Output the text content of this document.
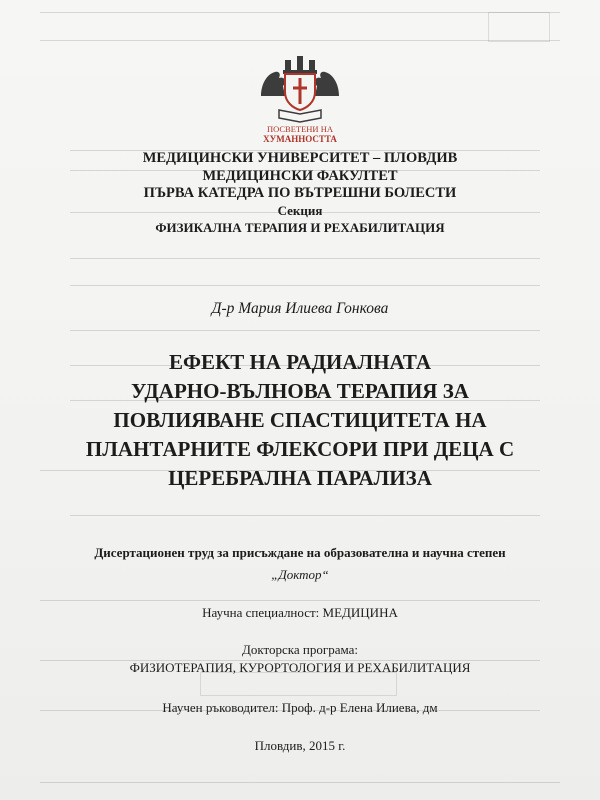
ПОСВЕТЕНИ НА
ХУМАННОСТТА
МЕДИЦИНСКИ УНИВЕРСИТЕТ – ПЛОВДИВ
МЕДИЦИНСКИ ФАКУЛТЕТ
ПЪРВА КАТЕДРА ПО ВЪТРЕШНИ БОЛЕСТИ
Секция
ФИЗИКАЛНА ТЕРАПИЯ И РЕХАБИЛИТАЦИЯ
Д-р Мария Илиева Гонкова
ЕФЕКТ НА РАДИАЛНАТА
УДАРНО-ВЪЛНОВА ТЕРАПИЯ ЗА
ПОВЛИЯВАНЕ СПАСТИЦИТЕТА НА
ПЛАНТАРНИТЕ ФЛЕКСОРИ ПРИ ДЕЦА С
ЦЕРЕБРАЛНА ПАРАЛИЗА
Дисертационен труд за присъждане на образователна и научна степен
„Доктор“
Научна специалност: МЕДИЦИНА
Докторска програма:
ФИЗИОТЕРАПИЯ, КУРОРТОЛОГИЯ И РЕХАБИЛИТАЦИЯ
Научен ръководител: Проф. д-р Елена Илиева, дм
Пловдив, 2015 г.
